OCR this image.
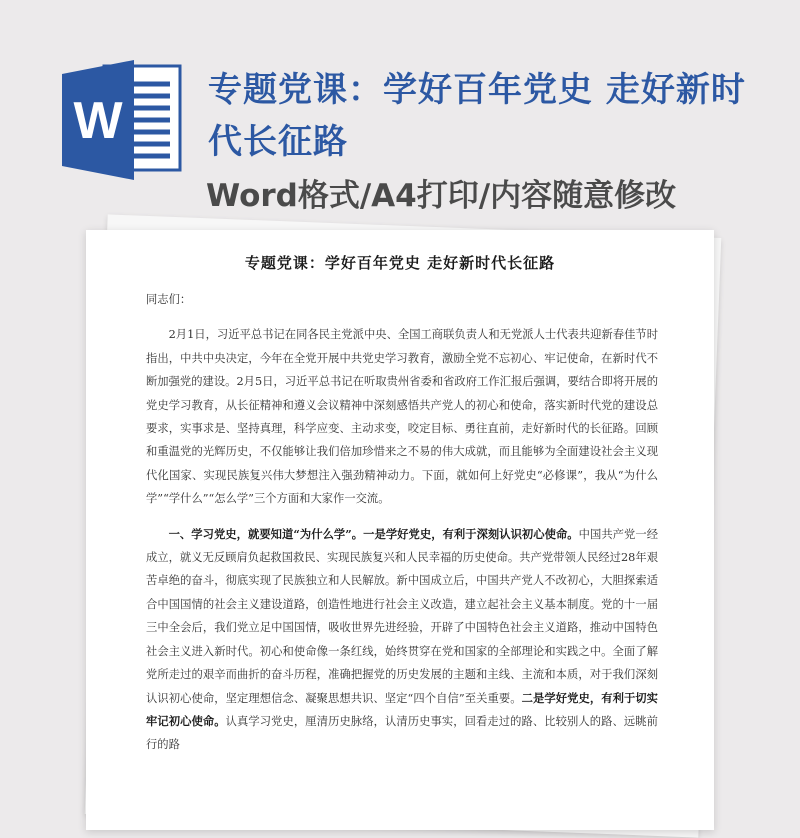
W
专题党课：学好百年党史 走好新时代长征路
Word格式/A4打印/内容随意修改
专题党课：学好百年党史 走好新时代长征路

同志们：

2月1日，习近平总书记在同各民主党派中央、全国工商联负责人和无党派人士代表共迎新春佳节时指出，中共中央决定，今年在全党开展中共党史学习教育，激励全党不忘初心、牢记使命，在新时代不断加强党的建设。2月5日，习近平总书记在听取贵州省委和省政府工作汇报后强调，要结合即将开展的党史学习教育，从长征精神和遵义会议精神中深刻感悟共产党人的初心和使命，落实新时代党的建设总要求，实事求是、坚持真理，科学应变、主动求变，咬定目标、勇往直前，走好新时代的长征路。回顾和重温党的光辉历史，不仅能够让我们倍加珍惜来之不易的伟大成就，而且能够为全面建设社会主义现代化国家、实现民族复兴伟大梦想注入强劲精神动力。下面，就如何上好党史“必修课”，我从“为什么学”“学什么”“怎么学”三个方面和大家作一交流。

一、学习党史，就要知道“为什么学”。一是学好党史，有利于深刻认识初心使命。中国共产党一经成立，就义无反顾肩负起救国救民、实现民族复兴和人民幸福的历史使命。共产党带领人民经过28年艰苦卓绝的奋斗，彻底实现了民族独立和人民解放。新中国成立后，中国共产党人不改初心，大胆探索适合中国国情的社会主义建设道路，创造性地进行社会主义改造，建立起社会主义基本制度。党的十一届三中全会后，我们党立足中国国情，吸收世界先进经验，开辟了中国特色社会主义道路，推动中国特色社会主义进入新时代。初心和使命像一条红线，始终贯穿在党和国家的全部理论和实践之中。全面了解党所走过的艰辛而曲折的奋斗历程，准确把握党的历史发展的主题和主线、主流和本质，对于我们深刻认识初心使命，坚定理想信念、凝聚思想共识、坚定“四个自信”至关重要。二是学好党史，有利于切实牢记初心使命。认真学习党史，厘清历史脉络，认清历史事实，回看走过的路、比较别人的路、远眺前行的路
